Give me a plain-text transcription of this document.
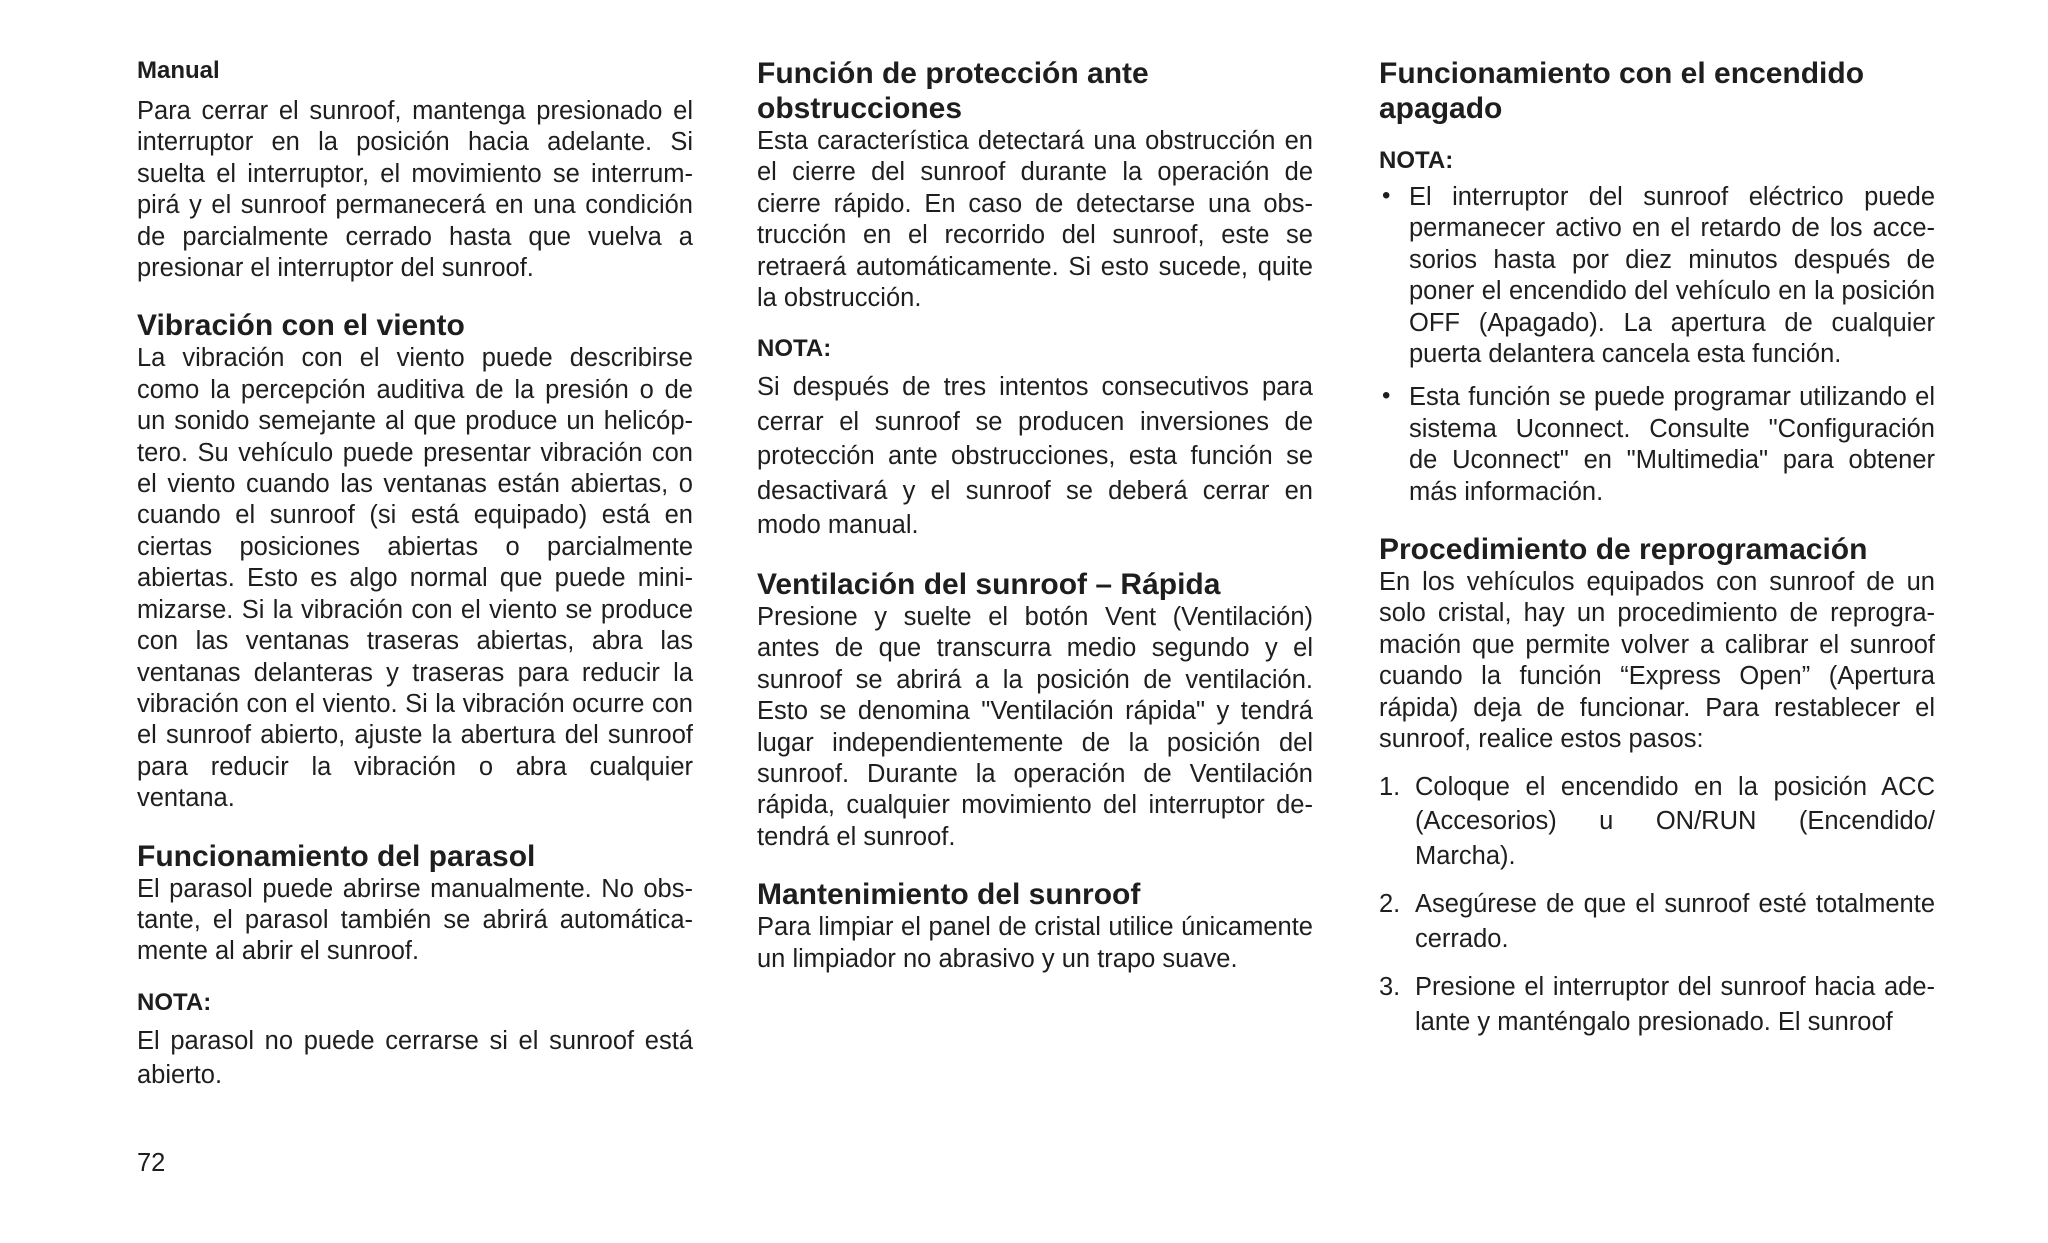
Manual

Para cerrar el sunroof, mantenga presionado el interruptor en la posición hacia adelante. Si suelta el interruptor, el movimiento se interrumpirá y el sunroof permanecerá en una condición de parcialmente cerrado hasta que vuelva a presionar el interruptor del sunroof.

Vibración con el viento

La vibración con el viento puede describirse como la percepción auditiva de la presión o de un sonido semejante al que produce un helicóptero. Su vehículo puede presentar vibración con el viento cuando las ventanas están abiertas, o cuando el sunroof (si está equipado) está en ciertas posiciones abiertas o parcialmente abiertas. Esto es algo normal que puede minimizarse. Si la vibración con el viento se produce con las ventanas traseras abiertas, abra las ventanas delanteras y traseras para reducir la vibración con el viento. Si la vibración ocurre con el sunroof abierto, ajuste la abertura del sunroof para reducir la vibración o abra cualquier ventana.

Funcionamiento del parasol

El parasol puede abrirse manualmente. No obstante, el parasol también se abrirá automáticamente al abrir el sunroof.

NOTA:

El parasol no puede cerrarse si el sunroof está abierto.

Función de protección ante obstrucciones

Esta característica detectará una obstrucción en el cierre del sunroof durante la operación de cierre rápido. En caso de detectarse una obstrucción en el recorrido del sunroof, este se retraerá automáticamente. Si esto sucede, quite la obstrucción.

NOTA:

Si después de tres intentos consecutivos para cerrar el sunroof se producen inversiones de protección ante obstrucciones, esta función se desactivará y el sunroof se deberá cerrar en modo manual.

Ventilación del sunroof – Rápida

Presione y suelte el botón Vent (Ventilación) antes de que transcurra medio segundo y el sunroof se abrirá a la posición de ventilación. Esto se denomina "Ventilación rápida" y tendrá lugar independientemente de la posición del sunroof. Durante la operación de Ventilación rápida, cualquier movimiento del interruptor detendrá el sunroof.

Mantenimiento del sunroof

Para limpiar el panel de cristal utilice únicamente un limpiador no abrasivo y un trapo suave.

Funcionamiento con el encendido apagado
NOTA:
• El interruptor del sunroof eléctrico puede permanecer activo en el retardo de los accesorios hasta por diez minutos después de poner el encendido del vehículo en la posición OFF (Apagado). La apertura de cualquier puerta delantera cancela esta función.

• Esta función se puede programar utilizando el sistema Uconnect. Consulte "Configuración de Uconnect" en "Multimedia" para obtener más información.

Procedimiento de reprogramación

En los vehículos equipados con sunroof de un solo cristal, hay un procedimiento de reprogramación que permite volver a calibrar el sunroof cuando la función “Express Open” (Apertura rápida) deja de funcionar. Para restablecer el sunroof, realice estos pasos:

1. Coloque el encendido en la posición ACC (Accesorios) u ON/RUN (Encendido/ Marcha).

2. Asegúrese de que el sunroof esté totalmente cerrado.

3. Presione el interruptor del sunroof hacia adelante y manténgalo presionado. El sunroof

72
